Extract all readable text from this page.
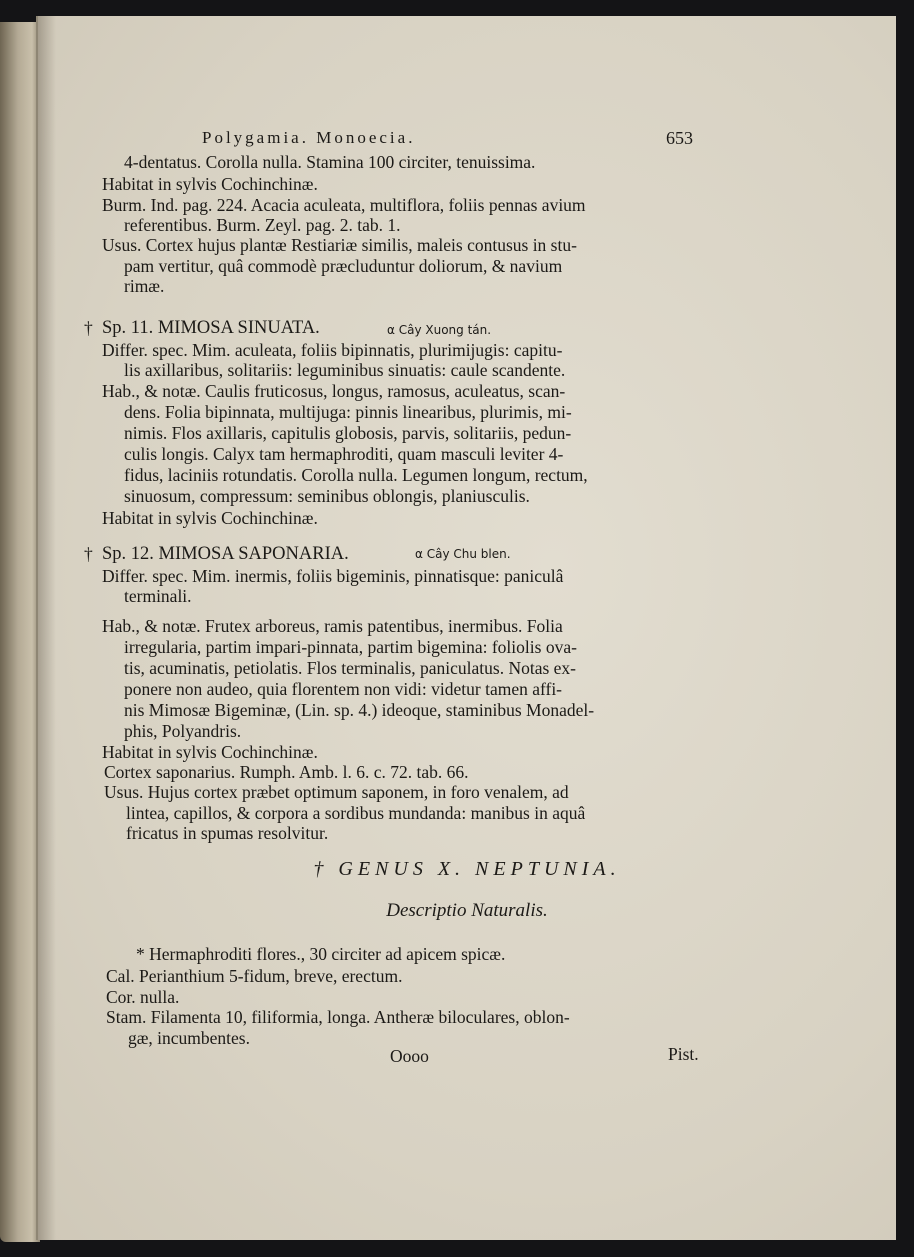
Polygamia. Monoecia.	653
4-dentatus. Corolla nulla. Stamina 100 circiter, tenuissima.
Habitat in sylvis Cochinchinæ.
Burm. Ind. pag. 224. Acacia aculeata, multiflora, foliis pennas avium
referentibus. Burm. Zeyl. pag. 2. tab. 1.
Usus. Cortex hujus plantæ Restiariæ similis, maleis contusus in stu-
pam vertitur, quâ commodè præcluduntur doliorum, & navium
rimæ.
† Sp. 11. MIMOSA SINUATA.	α Cây Xuong tán.
Differ. spec. Mim. aculeata, foliis bipinnatis, plurimijugis: capitu-
lis axillaribus, solitariis: leguminibus sinuatis: caule scandente.
Hab., & notæ. Caulis fruticosus, longus, ramosus, aculeatus, scan-
dens. Folia bipinnata, multijuga: pinnis linearibus, plurimis, mi-
nimis. Flos axillaris, capitulis globosis, parvis, solitariis, pedun-
culis longis. Calyx tam hermaphroditi, quam masculi leviter 4-
fidus, laciniis rotundatis. Corolla nulla. Legumen longum, rectum,
sinuosum, compressum: seminibus oblongis, planiusculis.
Habitat in sylvis Cochinchinæ.
† Sp. 12. MIMOSA SAPONARIA.	α Cây Chu blen.
Differ. spec. Mim. inermis, foliis bigeminis, pinnatisque: paniculâ
terminali.
Hab., & notæ. Frutex arboreus, ramis patentibus, inermibus. Folia
irregularia, partim impari-pinnata, partim bigemina: foliolis ova-
tis, acuminatis, petiolatis. Flos terminalis, paniculatus. Notas ex-
ponere non audeo, quia florentem non vidi: videtur tamen affi-
nis Mimosæ Bigeminæ, (Lin. sp. 4.) ideoque, staminibus Monadel-
phis, Polyandris.
Habitat in sylvis Cochinchinæ.
Cortex saponarius. Rumph. Amb. l. 6. c. 72. tab. 66.
Usus. Hujus cortex præbet optimum saponem, in foro venalem, ad
lintea, capillos, & corpora a sordibus mundanda: manibus in aquâ
fricatus in spumas resolvitur.
† GENUS X. NEPTUNIA.
Descriptio Naturalis.
* Hermaphroditi flores., 30 circiter ad apicem spicæ.
Cal. Perianthium 5-fidum, breve, erectum.
Cor. nulla.
Stam. Filamenta 10, filiformia, longa. Antheræ biloculares, oblon-
gæ, incumbentes.
Oooo	Pist.
